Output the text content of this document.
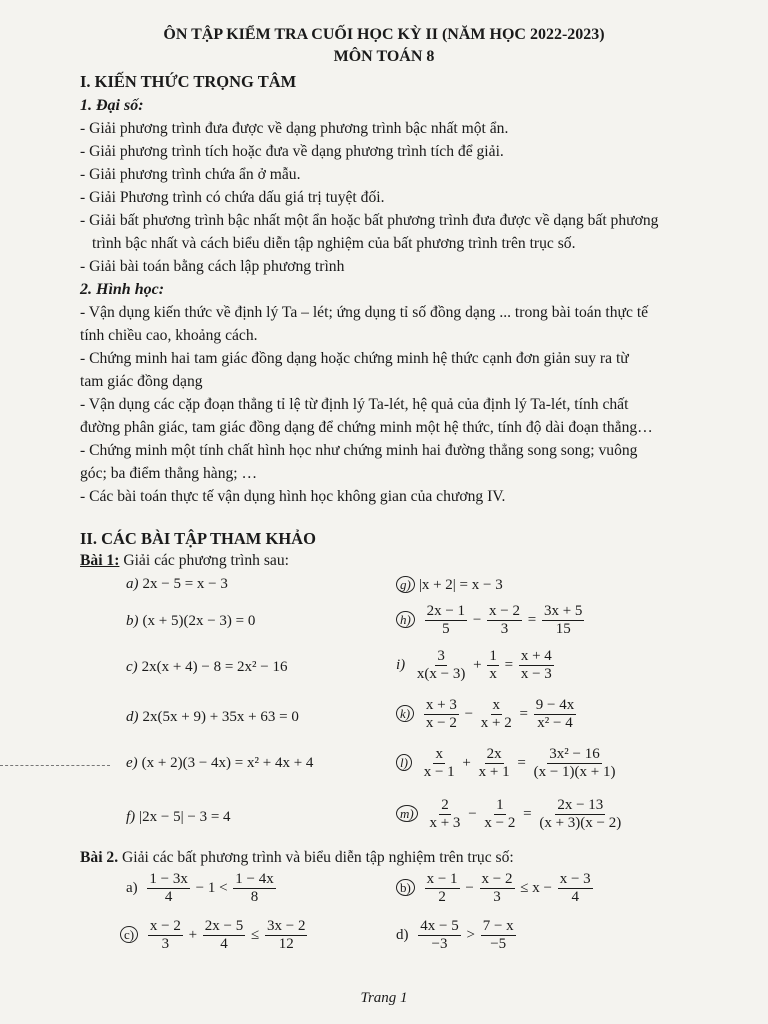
ÔN TẬP KIỂM TRA CUỐI HỌC KỲ II (NĂM HỌC 2022-2023)
MÔN TOÁN 8
I. KIẾN THỨC TRỌNG TÂM
1. Đại số:
- Giải phương trình đưa được về dạng phương trình bậc nhất một ẩn.
- Giải phương trình tích hoặc đưa về dạng phương trình tích để giải.
- Giải phương trình chứa ẩn ở mẫu.
- Giải Phương trình có chứa dấu giá trị tuyệt đối.
- Giải bất phương trình bậc nhất một ẩn hoặc bất phương trình đưa được về dạng bất phương
trình bậc nhất và cách biểu diễn tập nghiệm của bất phương trình trên trục số.
- Giải bài toán bằng cách lập phương trình
2. Hình học:
- Vận dụng kiến thức về định lý Ta – lét; ứng dụng tỉ số đồng dạng ... trong bài toán thực tế
tính chiều cao, khoảng cách.
- Chứng minh hai tam giác đồng dạng hoặc chứng minh hệ thức cạnh đơn giản suy ra từ
tam giác đồng dạng
- Vận dụng các cặp đoạn thẳng tỉ lệ từ định lý Ta-lét, hệ quả của định lý Ta-lét, tính chất
đường phân giác, tam giác đồng dạng để chứng minh một hệ thức, tính độ dài đoạn thẳng…
- Chứng minh một tính chất hình học như chứng minh hai đường thẳng song song; vuông
góc; ba điểm thẳng hàng; …
- Các bài toán thực tế vận dụng hình học không gian của chương IV.
II. CÁC BÀI TẬP THAM KHẢO
Bài 1: Giải các phương trình sau:
a) 2x − 5 = x − 3
b) (x + 5)(2x − 3) = 0
c) 2x(x + 4) − 8 = 2x² − 16
d) 2x(5x + 9) + 35x + 63 = 0
e) (x + 2)(3 − 4x) = x² + 4x + 4
f) |2x − 5| − 3 = 4
g) |x + 2| = x − 3
$h) \frac{2x - 1}{5} - \frac{x - 2}{3} = \frac{3x + 5}{15}$
$i) \frac{3}{x(x - 3)} + \frac{1}{x} = \frac{x + 4}{x - 3}$
$k) \frac{x + 3}{x - 2} - \frac{x}{x + 2} = \frac{9 - 4x}{\text{x² − 4}}$
$l) \frac{x}{x - 1} + \frac{2x}{x + 1} = \frac{\text{3x² − 16}}{(x - 1)(x + 1)}$
$m) \frac{2}{x + 3} - \frac{1}{x - 2} = \frac{2x - 13}{(x + 3)(x - 2)}$
Bài 2. Giải các bất phương trình và biểu diễn tập nghiệm trên trục số:
$a) \frac{1 - 3x}{4} - 1 < \frac{1 - 4x}{8}$	$b) \frac{x - 1}{2} - \frac{x - 2}{3} \le x - \frac{x - 3}{4}$
$c) \frac{x - 2}{3} + \frac{2x - 5}{4} \le \frac{3x - 2}{12}$	$d) \frac{4x - 5}{-3} > \frac{7 - x}{-5}$
Trang 1
